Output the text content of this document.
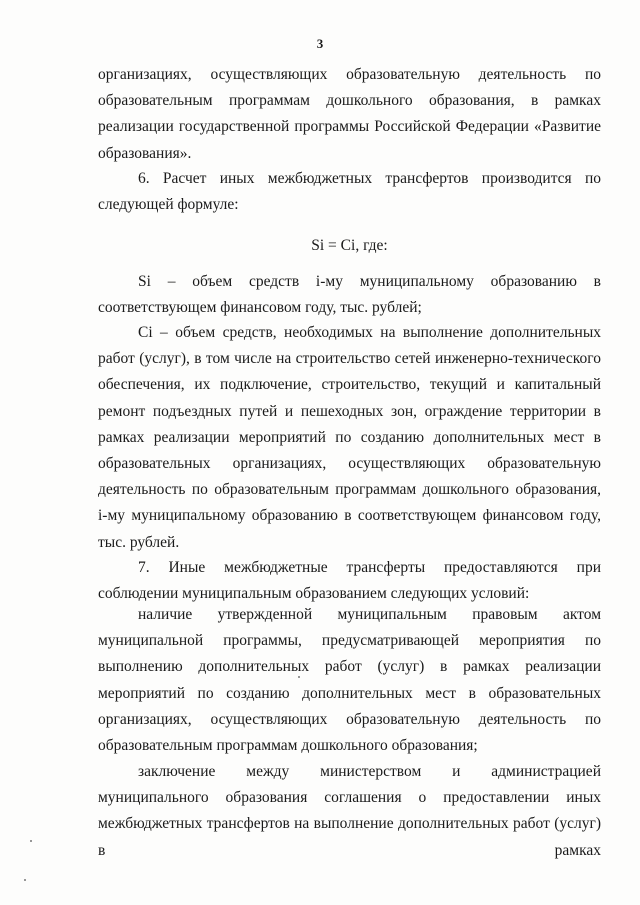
3

организациях, осуществляющих образовательную деятельность по образовательным программам дошкольного образования, в рамках реализации государственной программы Российской Федерации «Развитие образования».

6. Расчет иных межбюджетных трансфертов производится по следующей формуле:

Si = Ci, где:

Si – объем средств i-му муниципальному образованию в соответствующем финансовом году, тыс. рублей;

Ci – объем средств, необходимых на выполнение дополнительных работ (услуг), в том числе на строительство сетей инженерно-технического обеспечения, их подключение, строительство, текущий и капитальный ремонт подъездных путей и пешеходных зон, ограждение территории в рамках реализации мероприятий по созданию дополнительных мест в образовательных организациях, осуществляющих образовательную деятельность по образовательным программам дошкольного образования, i-му муниципальному образованию в соответствующем финансовом году, тыс. рублей.

7. Иные межбюджетные трансферты предоставляются при соблюдении муниципальным образованием следующих условий:

наличие утвержденной муниципальным правовым актом муниципальной программы, предусматривающей мероприятия по выполнению дополнительных работ (услуг) в рамках реализации мероприятий по созданию дополнительных мест в образовательных организациях, осуществляющих образовательную деятельность по образовательным программам дошкольного образования;

заключение между министерством и администрацией муниципального образования соглашения о предоставлении иных межбюджетных трансфертов на выполнение дополнительных работ (услуг) в рамках
